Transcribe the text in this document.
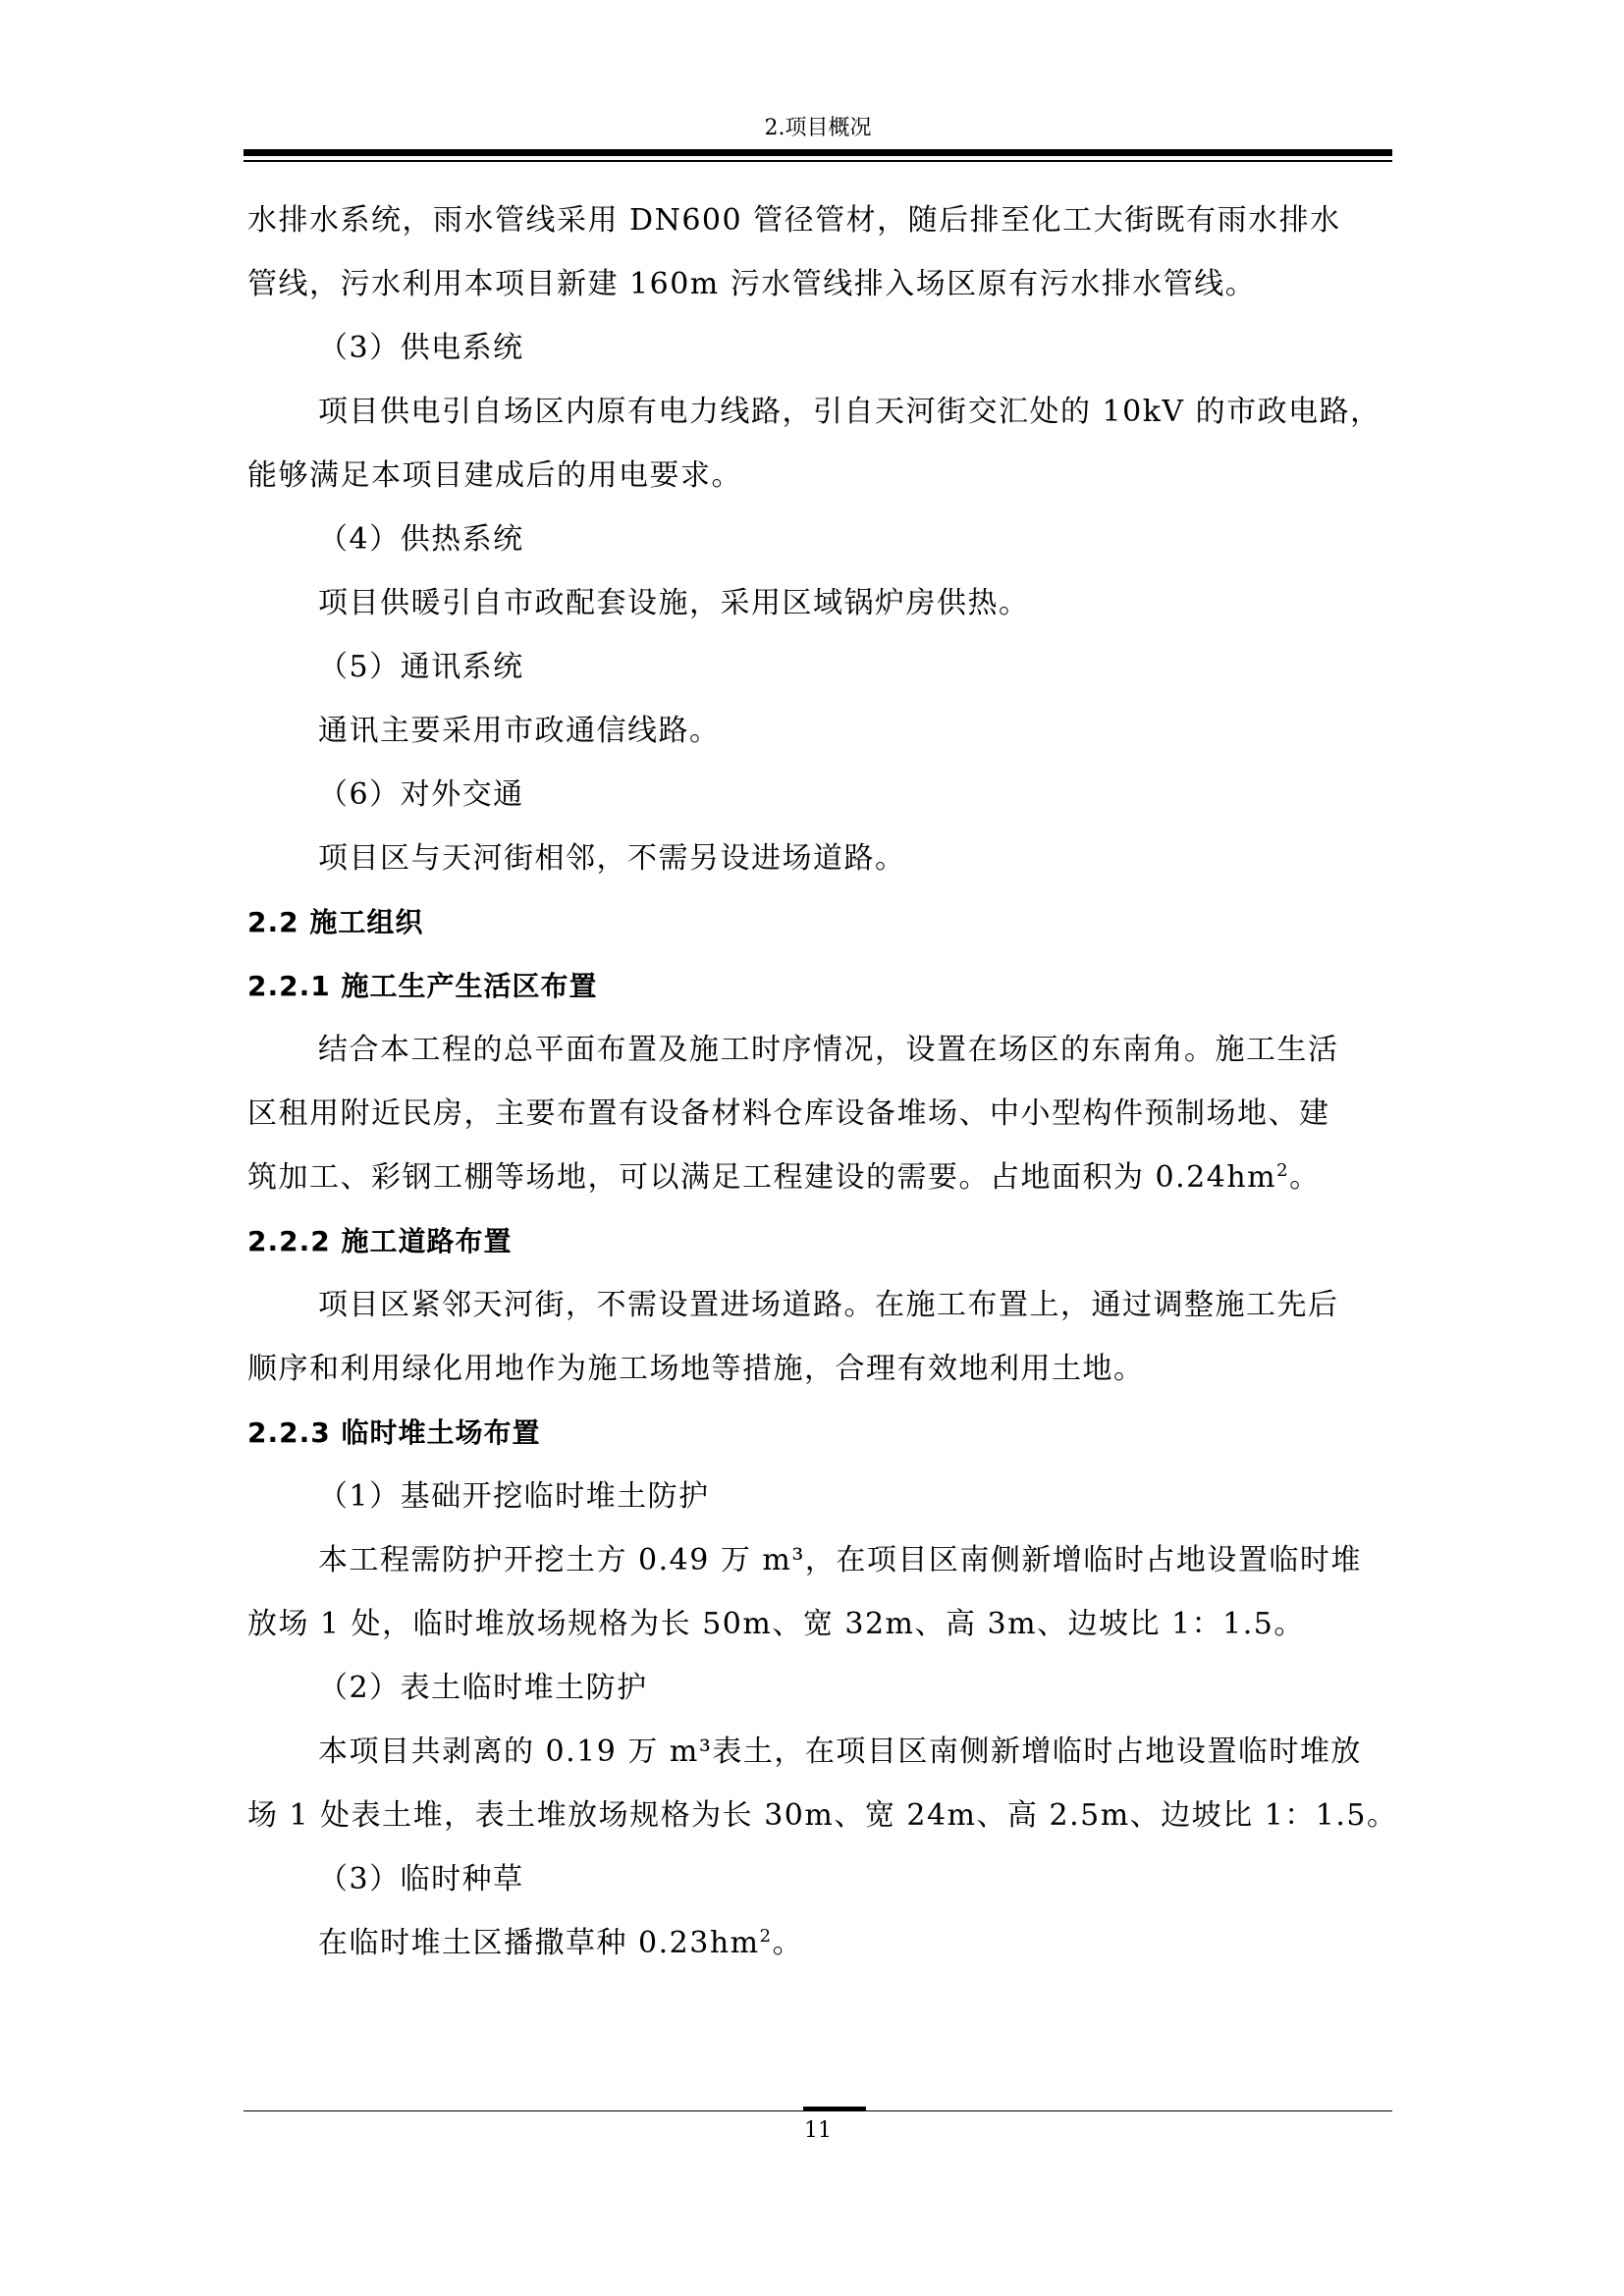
2.项目概况

水排水系统，雨水管线采用 DN600 管径管材，随后排至化工大街既有雨水排水

管线，污水利用本项目新建 160m 污水管线排入场区原有污水排水管线。

（3）供电系统

项目供电引自场区内原有电力线路，引自天河街交汇处的 10kV 的市政电路，

能够满足本项目建成后的用电要求。

（4）供热系统

项目供暖引自市政配套设施，采用区域锅炉房供热。

（5）通讯系统

通讯主要采用市政通信线路。

（6）对外交通

项目区与天河街相邻，不需另设进场道路。

2.2 施工组织

2.2.1 施工生产生活区布置

结合本工程的总平面布置及施工时序情况，设置在场区的东南角。施工生活

区租用附近民房，主要布置有设备材料仓库设备堆场、中小型构件预制场地、建

筑加工、彩钢工棚等场地，可以满足工程建设的需要。占地面积为 $0.24hm^2$。

2.2.2 施工道路布置

项目区紧邻天河街，不需设置进场道路。在施工布置上，通过调整施工先后

顺序和利用绿化用地作为施工场地等措施，合理有效地利用土地。

2.2.3 临时堆土场布置

（1）基础开挖临时堆土防护

本工程需防护开挖土方 0.49 万 m³，在项目区南侧新增临时占地设置临时堆

放场 1 处，临时堆放场规格为长 50m、宽 32m、高 3m、边坡比 1：1.5。

（2）表土临时堆土防护

本项目共剥离的 0.19 万 m³表土，在项目区南侧新增临时占地设置临时堆放

场 1 处表土堆，表土堆放场规格为长 30m、宽 24m、高 2.5m、边坡比 1：1.5。

（3）临时种草

在临时堆土区播撒草种 $0.23hm^2$。

11
